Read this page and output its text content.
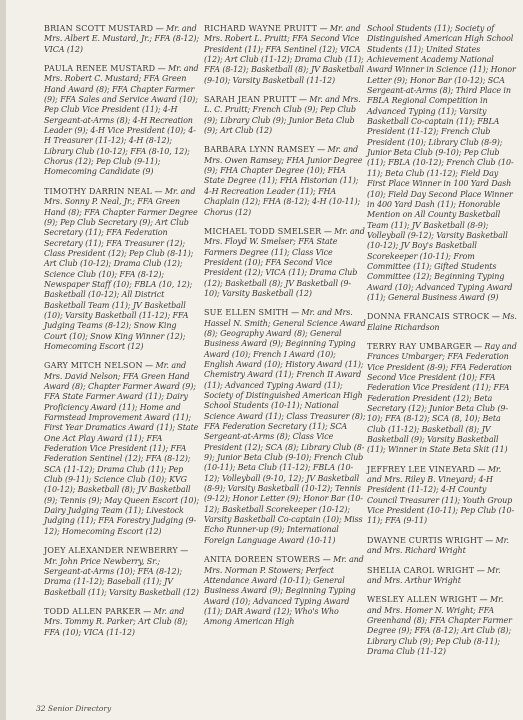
BRIAN SCOTT MUSTARD — Mr. and Mrs. Albert E. Mustard, Jr.; FFA (8-12); VICA (12)
PAULA RENEE MUSTARD — Mr. and Mrs. Robert C. Mustard; FFA Green Hand Award (8); FFA Chapter Farmer (9); FFA Sales and Service Award (10); Pep Club Vice President (11); 4-H Sergeant-at-Arms (8); 4-H Recreation Leader (9); 4-H Vice President (10); 4-H Treasurer (11-12); 4-H (8-12); Library Club (10-12); FFA (8-10, 12); Chorus (12); Pep Club (9-11); Homecoming Candidate (9)
TIMOTHY DARRIN NEAL — Mr. and Mrs. Sonny P. Neal, Jr.; FFA Green Hand (8); FFA Chapter Farmer Degree (9); Pep Club Secretary (9); Art Club Secretary (11); FFA Federation Secretary (11); FFA Treasurer (12); Class President (12); Pep Club (8-11); Art Club (10-12); Drama Club (12); Science Club (10); FFA (8-12); Newspaper Staff (10); FBLA (10, 12); Basketball (10-12); All District Basketball Team (11); JV Basketball (10); Varsity Basketball (11-12); FFA Judging Teams (8-12); Snow King Court (10); Snow King Winner (12); Homecoming Escort (12)
GARY MITCH NELSON — Mr. and Mrs. David Nelson; FFA Green Hand Award (8); Chapter Farmer Award (9); FFA State Farmer Award (11); Dairy Proficiency Award (11); Home and Farmstead Improvement Award (11); First Year Dramatics Award (11); State One Act Play Award (11); FFA Federation Vice President (11); FFA Federation Sentinel (12); FFA (8-12); SCA (11-12); Drama Club (11); Pep Club (9-11); Science Club (10); KVG (10-12); Basketball (8); JV Basketball (9); Tennis (9); May Queen Escort (10); Dairy Judging Team (11); Livestock Judging (11); FFA Forestry Judging (9-12); Homecoming Escort (12)
JOEY ALEXANDER NEWBERRY — Mr. John Price Newberry, Sr.; Sergeant-at-Arms (10); FFA (8-12); Drama (11-12); Baseball (11); JV Basketball (11); Varsity Basketball (12)
TODD ALLEN PARKER — Mr. and Mrs. Tommy R. Parker; Art Club (8); FFA (10); VICA (11-12)
RICHARD WAYNE PRUITT — Mr. and Mrs. Robert L. Pruitt; FFA Second Vice President (11); FFA Sentinel (12); VICA (12); Art Club (11-12); Drama Club (11); FFA (8-12); Basketball (8); JV Basketball (9-10); Varsity Basketball (11-12)
SARAH JEAN PRUITT — Mr. and Mrs. L. C. Pruitt; French Club (9); Pep Club (9); Library Club (9); Junior Beta Club (9); Art Club (12)
BARBARA LYNN RAMSEY — Mr. and Mrs. Owen Ramsey; FHA Junior Degree (9); FHA Chapter Degree (10); FHA State Degree (11); FHA Historian (11); 4-H Recreation Leader (11); FHA Chaplain (12); FHA (8-12); 4-H (10-11); Chorus (12)
MICHAEL TODD SMELSER — Mr. and Mrs. Floyd W. Smelser; FFA State Farmers Degree (11); Class Vice President (10); FFA Second Vice President (12); VICA (11); Drama Club (12); Basketball (8); JV Basketball (9-10); Varsity Basketball (12)
SUE ELLEN SMITH — Mr. and Mrs. Hassel N. Smith; General Science Award (8); Geography Award (8); General Business Award (9); Beginning Typing Award (10); French I Award (10); English Award (10); History Award (11); Chemistry Award (11); French II Award (11); Advanced Typing Award (11); Society of Distinguished American High School Students (10-11); National Science Award (11); Class Treasurer (8); FFA Federation Secretary (11); SCA Sergeant-at-Arms (8); Class Vice President (12); SCA (8); Library Club (8-9); Junior Beta Club (9-10); French Club (10-11); Beta Club (11-12); FBLA (10-12); Volleyball (9-10, 12); JV Basketball (8-9); Varsity Basketball (10-12); Tennis (9-12); Honor Letter (9); Honor Bar (10-12); Basketball Scorekeeper (10-12); Varsity Basketball Co-captain (10); Miss Echo Runner-up (9); International Foreign Language Award (10-11)
ANITA DOREEN STOWERS — Mr. and Mrs. Norman P. Stowers; Perfect Attendance Award (10-11); General Business Award (9); Beginning Typing Award (10); Advanced Typing Award (11); DAR Award (12); Who's Who Among American High
School Students (11); Society of Distinguished American High School Students (11); United States Achievement Academy National Award Winner in Science (11); Honor Letter (9); Honor Bar (10-12); SCA Sergeant-at-Arms (8); Third Place in FBLA Regional Competition in Advanced Typing (11); Varsity Basketball Co-captain (11); FBLA President (11-12); French Club President (10); Library Club (8-9); Junior Beta Club (9-10); Pep Club (11); FBLA (10-12); French Club (10-11); Beta Club (11-12); Field Day First Place Winner in 100 Yard Dash (10); Field Day Second Place Winner in 400 Yard Dash (11); Honorable Mention on All County Basketball Team (11); JV Basketball (8-9); Volleyball (9-12); Varsity Basketball (10-12); JV Boy's Basketball Scorekeeper (10-11); From Committee (11); Gifted Students Committee (12); Beginning Typing Award (10); Advanced Typing Award (11); General Business Award (9)
DONNA FRANCAIS STROCK — Ms. Elaine Richardson
TERRY RAY UMBARGER — Ray and Frances Umbarger; FFA Federation Vice President (8-9); FFA Federation Second Vice President (10); FFA Federation Vice President (11); FFA Federation President (12); Beta Secretary (12); Junior Beta Club (9-10); FFA (8-12); SCA (8, 10); Beta Club (11-12); Basketball (8); JV Basketball (9); Varsity Basketball (11); Winner in State Beta Skit (11)
JEFFREY LEE VINEYARD — Mr. and Mrs. Riley B. Vineyard; 4-H President (11-12); 4-H County Council Treasurer (11); Youth Group Vice President (10-11); Pep Club (10-11); FFA (9-11)
DWAYNE CURTIS WRIGHT — Mr. and Mrs. Richard Wright
SHELIA CAROL WRIGHT — Mr. and Mrs. Arthur Wright
WESLEY ALLEN WRIGHT — Mr. and Mrs. Homer N. Wright; FFA Greenhand (8); FFA Chapter Farmer Degree (9); FFA (8-12); Art Club (8); Library Club (9); Pep Club (8-11); Drama Club (11-12)
32 Senior Directory
